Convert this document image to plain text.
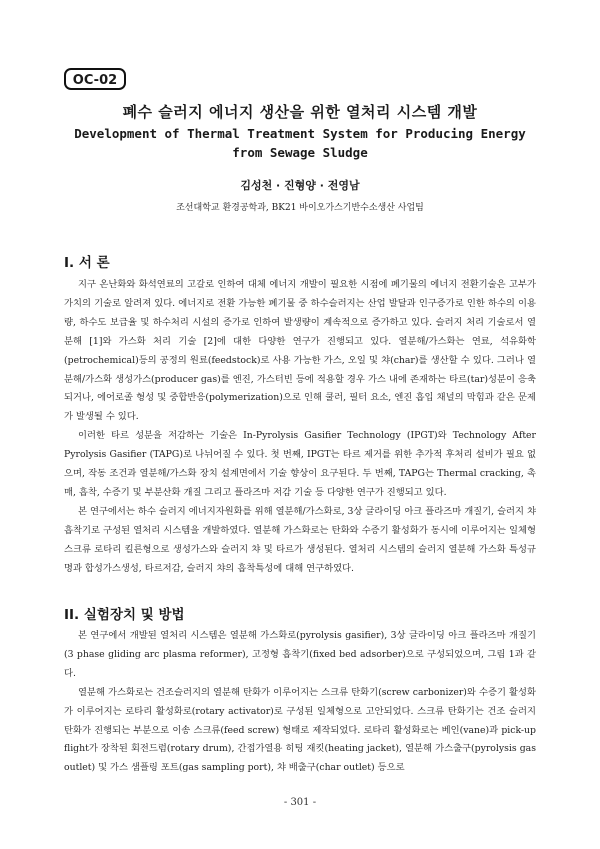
OC-02
폐수 슬러지 에너지 생산을 위한 열처리 시스템 개발
Development of Thermal Treatment System for Producing Energy
from Sewage Sludge
김성천 · 진형양 · 전영남
조선대학교 환경공학과, BK21 바이오가스기반수소생산 사업팀
I. 서 론

지구 온난화와 화석연료의 고갈로 인하여 대체 에너지 개발이 필요한 시점에 폐기물의 에너지 전환기술은 고부가가치의 기술로 알려져 있다. 에너지로 전환 가능한 폐기물 중 하수슬러지는 산업 발달과 인구증가로 인한 하수의 이용량, 하수도 보급율 및 하수처리 시설의 증가로 인하여 발생량이 계속적으로 증가하고 있다. 슬러지 처리 기술로서 열분해 [1]와 가스화 처리 기술 [2]에 대한 다양한 연구가 진행되고 있다. 열분해/가스화는 연료, 석유화학(petrochemical)등의 공정의 원료(feedstock)로 사용 가능한 가스, 오일 및 챠(char)를 생산할 수 있다. 그러나 열분해/가스화 생성가스(producer gas)를 엔진, 가스터빈 등에 적용할 경우 가스 내에 존재하는 타르(tar)성분이 응축되거나, 에어로졸 형성 및 중합반응(polymerization)으로 인해 쿨러, 필터 요소, 엔진 흡입 채널의 막힘과 같은 문제가 발생될 수 있다.

이러한 타르 성분을 저감하는 기술은 In-Pyrolysis Gasifier Technology (IPGT)와 Technology After Pyrolysis Gasifier (TAPG)로 나뉘어질 수 있다. 첫 번째, IPGT는 타르 제거를 위한 추가적 후처리 설비가 필요 없으며, 작동 조건과 열분해/가스화 장치 설계면에서 기술 향상이 요구된다. 두 번째, TAPG는 Thermal cracking, 촉매, 흡착, 수증기 및 부분산화 개질 그리고 플라즈마 저감 기술 등 다양한 연구가 진행되고 있다.

본 연구에서는 하수 슬러지 에너지자원화를 위해 열분해/가스화로, 3상 글라이딩 아크 플라즈마 개질기, 슬러지 챠 흡착기로 구성된 열처리 시스템을 개발하였다. 열분해 가스화로는 탄화와 수증기 활성화가 동시에 이루어지는 일체형 스크류 로타리 킬른형으로 생성가스와 슬러지 챠 및 타르가 생성된다. 열처리 시스템의 슬러지 열분해 가스화 특성규명과 합성가스생성, 타르저감, 슬러지 챠의 흡착특성에 대해 연구하였다.

II. 실험장치 및 방법

본 연구에서 개발된 열처리 시스템은 열분해 가스화로(pyrolysis gasifier), 3상 글라이딩 아크 플라즈마 개질기(3 phase gliding arc plasma reformer), 고정형 흡착기(fixed bed adsorber)으로 구성되었으며, 그림 1과 같다.

열분해 가스화로는 건조슬러지의 열분해 탄화가 이루어지는 스크류 탄화기(screw carbonizer)와 수증기 활성화가 이루어지는 로타리 활성화로(rotary activator)로 구성된 일체형으로 고안되었다. 스크류 탄화기는 건조 슬러지 탄화가 진행되는 부분으로 이송 스크류(feed screw) 형태로 제작되었다. 로타리 활성화로는 베인(vane)과 pick-up flight가 장착된 회전드럼(rotary drum), 간접가열용 히팅 재킷(heating jacket), 열분해 가스출구(pyrolysis gas outlet) 및 가스 샘플링 포트(gas sampling port), 챠 배출구(char outlet) 등으로

- 301 -
